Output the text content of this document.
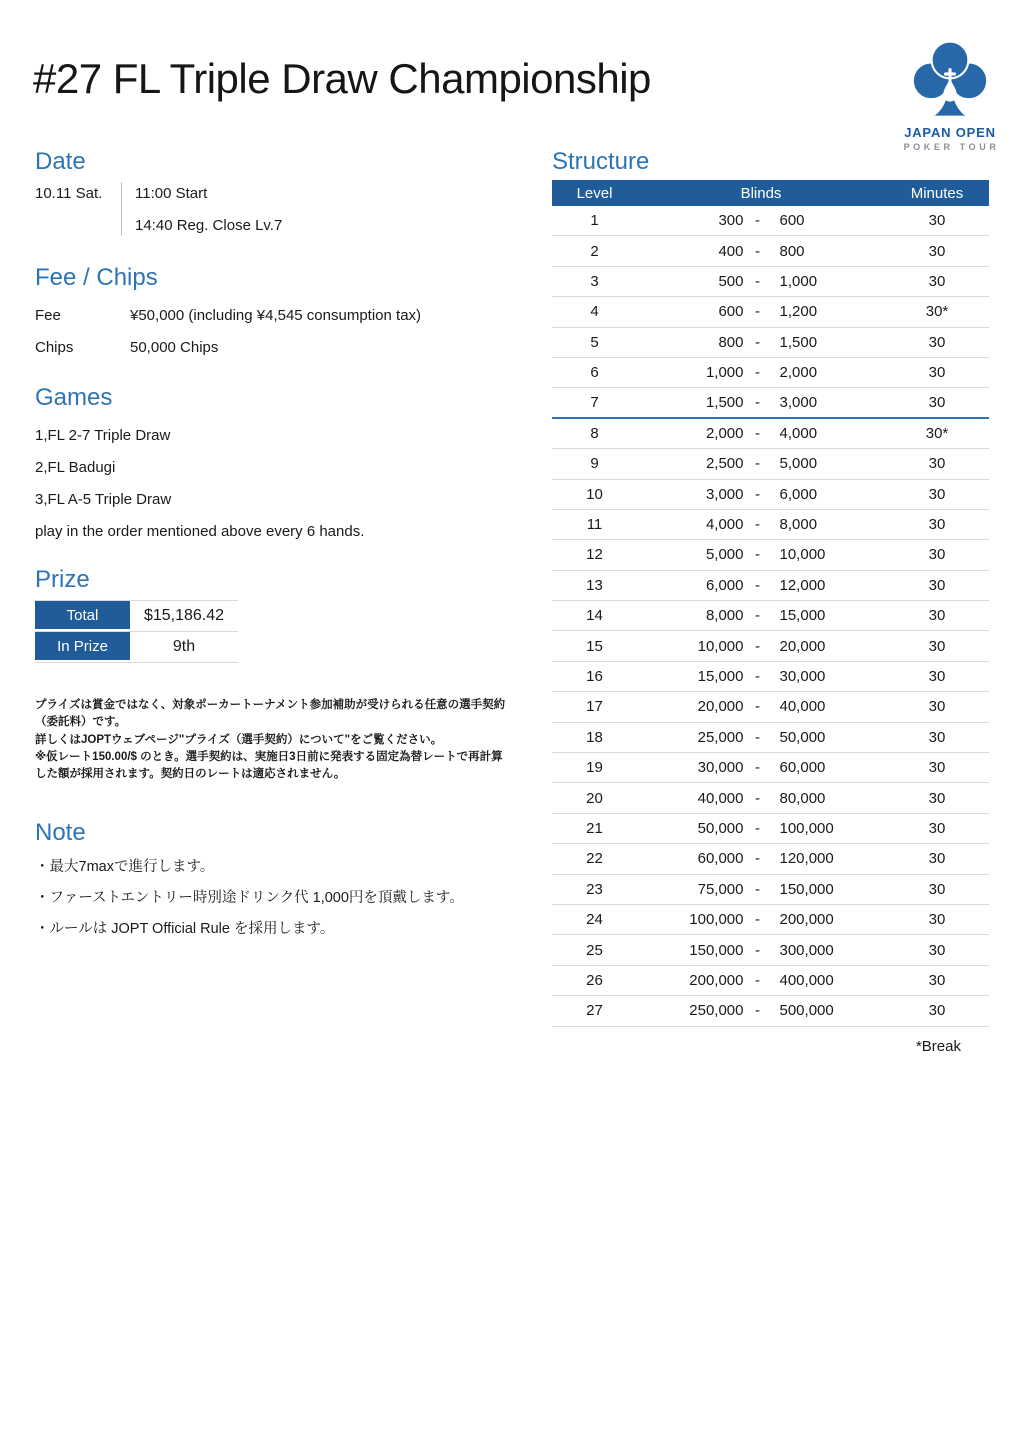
#27 FL Triple Draw Championship
JAPAN OPEN
POKER TOUR
Date
10.11 Sat.	11:00 Start
14:40 Reg. Close Lv.7
Fee / Chips
Fee	¥50,000 (including ¥4,545 consumption tax)
Chips	50,000 Chips
Games
1,FL 2-7 Triple Draw
2,FL Badugi
3,FL A-5 Triple Draw
play in the order mentioned above every 6 hands.
Prize
Total	$15,186.42
In Prize	9th

プライズは賞金ではなく、対象ポーカートーナメント参加補助が受けられる任意の選手契約（委託料）です。

詳しくはJOPTウェブページ"プライズ（選手契約）について"をご覧ください。

※仮レート150.00/$ のとき。選手契約は、実施日3日前に発表する固定為替レートで再計算した額が採用されます。契約日のレートは適応されません。

Note
・最大7maxで進行します。
・ファーストエントリー時別途ドリンク代 1,000円を頂戴します。
・ルールは JOPT Official Rule を採用します。
Structure
Level	Blinds	Minutes
1	300 -	600	30
2	400 -	800	30
3	500 -	1,000	30
4	600 -	1,200	30*
5	800 -	1,500	30
6	1,000 -	2,000	30
7	1,500 -	3,000	30
8	2,000 -	4,000	30*
9	2,500 -	5,000	30
10	3,000 -	6,000	30
11	4,000 -	8,000	30
12	5,000 -	10,000	30
13	6,000 -	12,000	30
14	8,000 -	15,000	30
15	10,000 -	20,000	30
16	15,000 -	30,000	30
17	20,000 -	40,000	30
18	25,000 -	50,000	30
19	30,000 -	60,000	30
20	40,000 -	80,000	30
21	50,000 -	100,000	30
22	60,000 -	120,000	30
23	75,000 -	150,000	30
24	100,000 -	200,000	30
25	150,000 -	300,000	30
26	200,000 -	400,000	30
27	250,000 -	500,000	30
*Break
